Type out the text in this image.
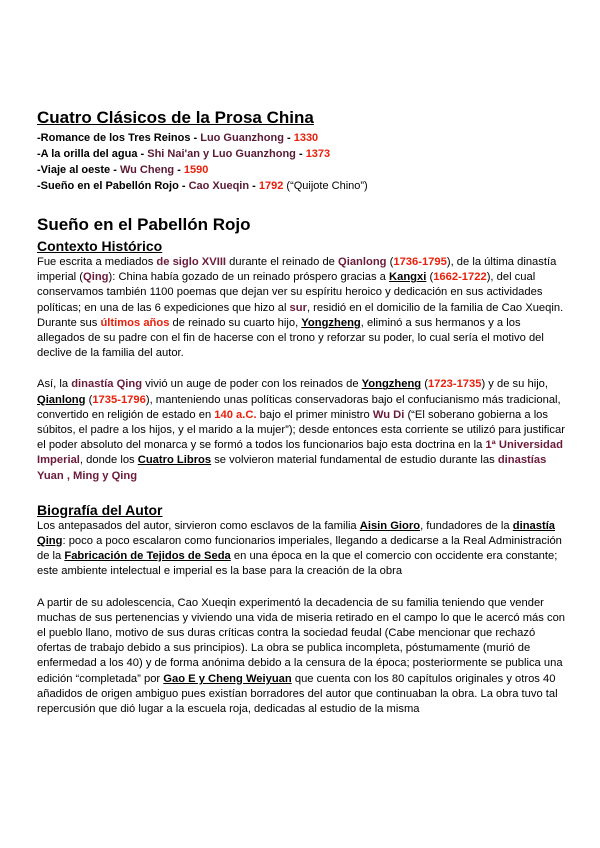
Cuatro Clásicos de la Prosa China
-Romance de los Tres Reinos - Luo Guanzhong - 1330
-A la orilla del agua - Shi Nai'an y Luo Guanzhong - 1373
-Viaje al oeste - Wu Cheng - 1590
-Sueño en el Pabellón Rojo - Cao Xueqin - 1792 (“Quijote Chino”)
Sueño en el Pabellón Rojo
Contexto Histórico

Fue escrita a mediados de siglo XVIII durante el reinado de Qianlong (1736-1795), de la última dinastía imperial (Qing): China había gozado de un reinado próspero gracias a Kangxi (1662-1722), del cual conservamos también 1100 poemas que dejan ver su espíritu heroico y dedicación en sus actividades políticas; en una de las 6 expediciones que hizo al sur, residió en el domicilio de la familia de Cao Xueqin. Durante sus últimos años de reinado su cuarto hijo, Yongzheng, eliminó a sus hermanos y a los allegados de su padre con el fin de hacerse con el trono y reforzar su poder, lo cual sería el motivo del declive de la familia del autor.

Así, la dinastía Qing vivió un auge de poder con los reinados de Yongzheng (1723-1735) y de su hijo, Qianlong (1735-1796), manteniendo unas políticas conservadoras bajo el confucianismo más tradicional, convertido en religión de estado en 140 a.C. bajo el primer ministro Wu Di (“El soberano gobierna a los súbitos, el padre a los hijos, y el marido a la mujer”); desde entonces esta corriente se utilizó para justificar el poder absoluto del monarca y se formó a todos los funcionarios bajo esta doctrina en la 1ª Universidad Imperial, donde los Cuatro Libros se volvieron material fundamental de estudio durante las dinastías Yuan , Ming y Qing

Biografía del Autor

Los antepasados del autor, sirvieron como esclavos de la familia Aisin Gioro, fundadores de la dinastía Qing: poco a poco escalaron como funcionarios imperiales, llegando a dedicarse a la Real Administración de la Fabricación de Tejidos de Seda en una época en la que el comercio con occidente era constante; este ambiente intelectual e imperial es la base para la creación de la obra

A partir de su adolescencia, Cao Xueqin experimentó la decadencia de su familia teniendo que vender muchas de sus pertenencias y viviendo una vida de miseria retirado en el campo lo que le acercó más con el pueblo llano, motivo de sus duras críticas contra la sociedad feudal (Cabe mencionar que rechazó ofertas de trabajo debido a sus principios). La obra se publica incompleta, póstumamente (murió de enfermedad a los 40) y de forma anónima debido a la censura de la época; posteriormente se publica una edición “completada” por Gao E y Cheng Weiyuan que cuenta con los 80 capítulos originales y otros 40 añadidos de origen ambiguo pues existían borradores del autor que continuaban la obra. La obra tuvo tal repercusión que dió lugar a la escuela roja, dedicadas al estudio de la misma
